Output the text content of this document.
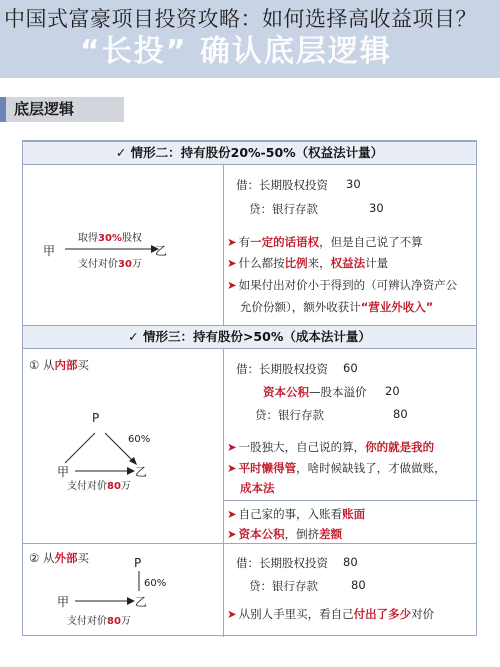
“长投” 确认底层逻辑
中国式富豪项目投资攻略：如何选择高收益项目？
底层逻辑
✓ 情形二：持有股份20%-50%（权益法计量）
甲
取得30%股权
乙
支付对价30万
借：长期股权投资 30
贷：银行存款	30
➤ 有一定的话语权，但是自己说了不算
➤ 什么都按比例来，权益法计量
➤ 如果付出对价小于得到的（可辨认净资产公
允价份额），额外收获计“营业外收入”
✓ 情形三：持有股份>50%（成本法计量）
① 从内部买
P
60%
甲	乙
支付对价80万
借：长期股权投资 60
资本公积—股本溢价 20
贷：银行存款	80
➤ 一股独大，自己说的算，你的就是我的
➤ 平时懒得管，啥时候缺钱了，才做做账，
成本法
➤ 自己家的事，入账看账面
➤ 资本公积，倒挤差额
② 从外部买	P
60%
甲	乙
支付对价80万
借：长期股权投资 80
贷：银行存款	80
➤ 从别人手里买，看自己付出了多少对价
